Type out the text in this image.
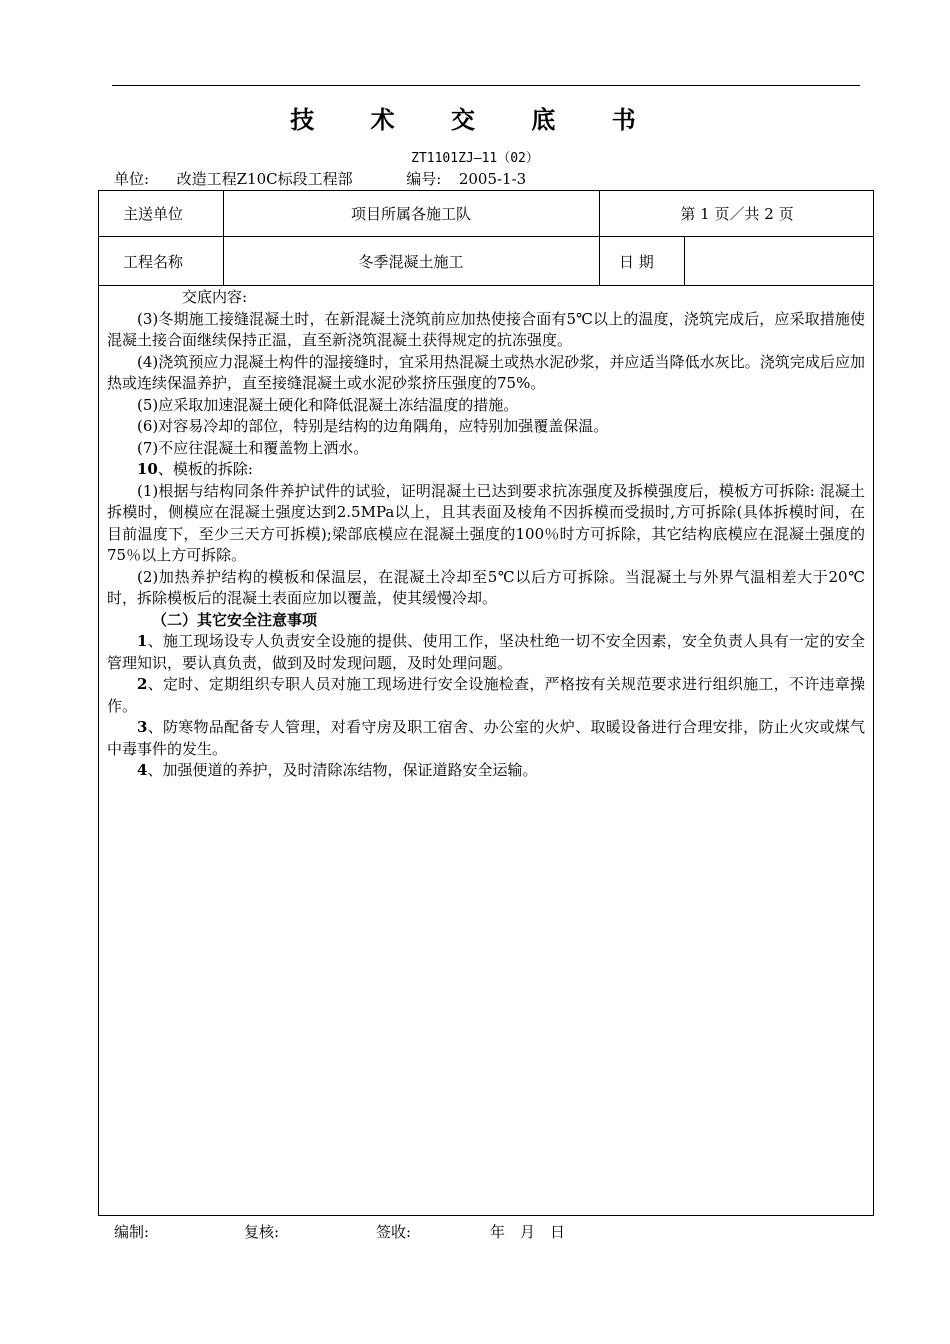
技 术 交 底 书
ZT1101ZJ—11（02）
单位: 改造工程Z10C标段工程部	编号: 2005-1-3
主送单位	项目所属各施工队	第 1 页／共 2 页
工程名称	冬季混凝土施工	日 期

交底内容:

(3)冬期施工接缝混凝土时，在新混凝土浇筑前应加热使接合面有5℃以上的温度，浇筑完成后，应采取措施使混凝土接合面继续保持正温，直至新浇筑混凝土获得规定的抗冻强度。

(4)浇筑预应力混凝土构件的湿接缝时，宜采用热混凝土或热水泥砂浆，并应适当降低水灰比。浇筑完成后应加热或连续保温养护，直至接缝混凝土或水泥砂浆挤压强度的75%。

(5)应采取加速混凝土硬化和降低混凝土冻结温度的措施。

(6)对容易冷却的部位，特别是结构的边角隅角，应特别加强覆盖保温。

(7)不应往混凝土和覆盖物上洒水。

10、模板的拆除:

(1)根据与结构同条件养护试件的试验，证明混凝土已达到要求抗冻强度及拆模强度后，模板方可拆除: 混凝土拆模时，侧模应在混凝土强度达到2.5MPa以上，且其表面及棱角不因拆模而受损时,方可拆除(具体拆模时间，在目前温度下，至少三天方可拆模);梁部底模应在混凝土强度的100％时方可拆除，其它结构底模应在混凝土强度的75％以上方可拆除。

(2)加热养护结构的模板和保温层，在混凝土冷却至5℃以后方可拆除。当混凝土与外界气温相差大于20℃时，拆除模板后的混凝土表面应加以覆盖，使其缓慢冷却。

（二）其它安全注意事项

1、施工现场设专人负责安全设施的提供、使用工作，坚决杜绝一切不安全因素，安全负责人具有一定的安全管理知识，要认真负责，做到及时发现问题，及时处理问题。

2、定时、定期组织专职人员对施工现场进行安全设施检查，严格按有关规范要求进行组织施工，不许违章操作。

3、防寒物品配备专人管理，对看守房及职工宿舍、办公室的火炉、取暖设备进行合理安排，防止火灾或煤气中毒事件的发生。

4、加强便道的养护，及时清除冻结物，保证道路安全运输。

编制:	复核:	签收:	年　月　日
